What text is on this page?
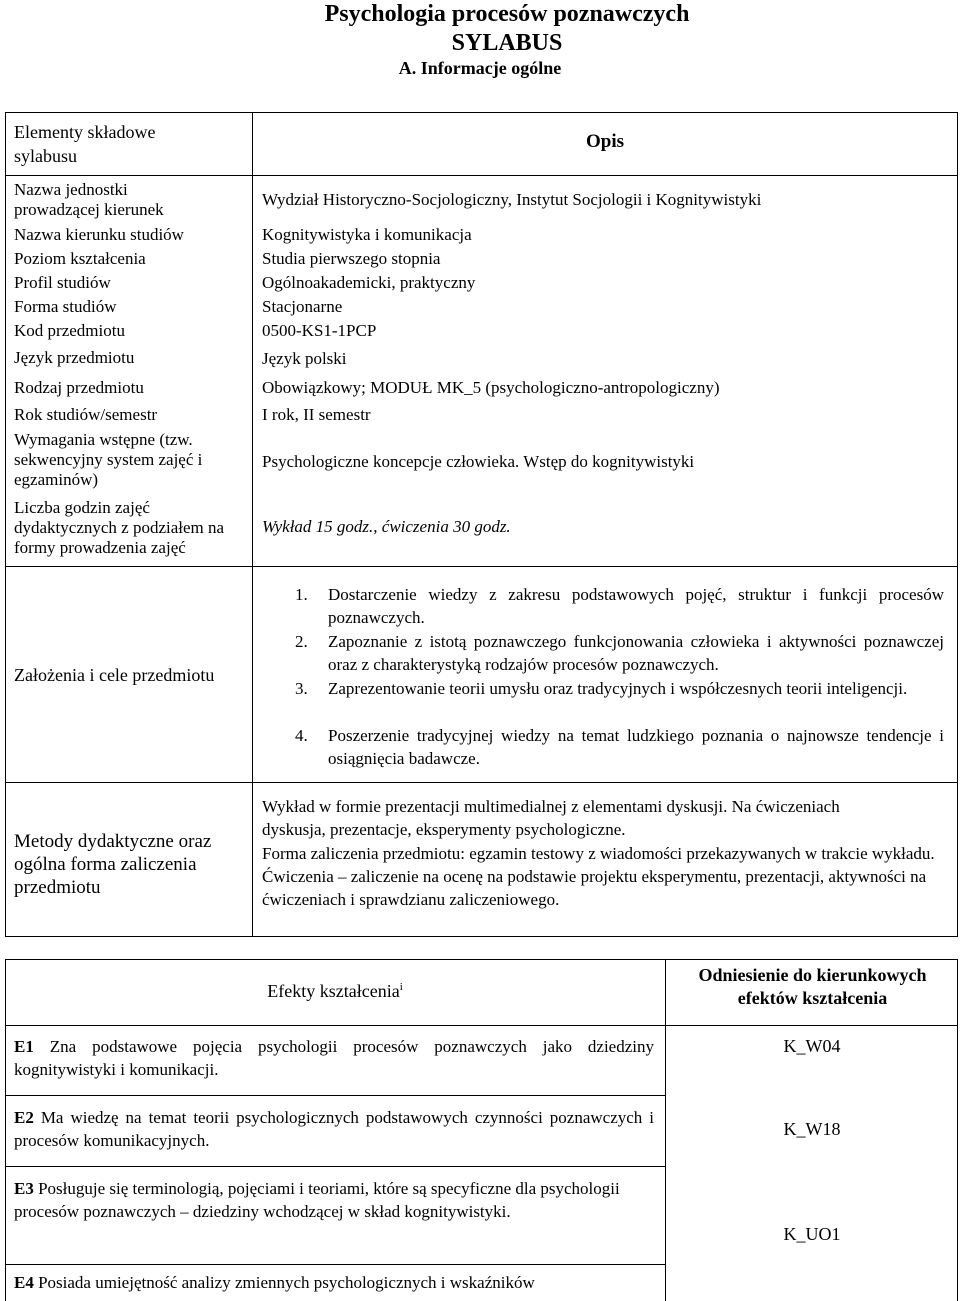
Psychologia procesów poznawczych
SYLABUS
A. Informacje ogólne
Elementy składowe sylabusu
Opis
Nazwa jednostki prowadzącej kierunek
Nazwa kierunku studiów
Poziom kształcenia
Profil studiów
Forma studiów
Kod przedmiotu
Język przedmiotu
Rodzaj przedmiotu
Rok studiów/semestr
Wymagania wstępne (tzw. sekwencyjny system zajęć i egzaminów)
Liczba godzin zajęć dydaktycznych z podziałem na formy prowadzenia zajęć
Wydział Historyczno-Socjologiczny, Instytut Socjologii i Kognitywistyki
Kognitywistyka i komunikacja
Studia pierwszego stopnia
Ogólnoakademicki, praktyczny
Stacjonarne
0500-KS1-1PCP
Język polski
Obowiązkowy; MODUŁ MK_5 (psychologiczno-antropologiczny)
I rok, II semestr
Psychologiczne koncepcje człowieka. Wstęp do kognitywistyki
Wykład 15 godz., ćwiczenia 30 godz.
Założenia i cele przedmiotu
1. Dostarczenie wiedzy z zakresu podstawowych pojęć, struktur i funkcji procesów poznawczych.
2. Zapoznanie z istotą poznawczego funkcjonowania człowieka i aktywności poznawczej oraz z charakterystyką rodzajów procesów poznawczych.
3. Zaprezentowanie teorii umysłu oraz tradycyjnych i współczesnych teorii inteligencji.
4. Poszerzenie tradycyjnej wiedzy na temat ludzkiego poznania o najnowsze tendencje i osiągnięcia badawcze.
Metody dydaktyczne oraz ogólna forma zaliczenia przedmiotu
Wykład w formie prezentacji multimedialnej z elementami dyskusji. Na ćwiczeniach dyskusja, prezentacje, eksperymenty psychologiczne.
Forma zaliczenia przedmiotu: egzamin testowy z wiadomości przekazywanych w trakcie wykładu. Ćwiczenia – zaliczenie na ocenę na podstawie projektu eksperymentu, prezentacji, aktywności na ćwiczeniach i sprawdzianu zaliczeniowego.
Efekty kształcenia$^i$
Odniesienie do kierunkowych efektów kształcenia
E1 Zna podstawowe pojęcia psychologii procesów poznawczych jako dziedziny kognitywistyki i komunikacji.
K_W04
E2 Ma wiedzę na temat teorii psychologicznych podstawowych czynności poznawczych i procesów komunikacyjnych.
K_W18
E3 Posługuje się terminologią, pojęciami i teoriami, które są specyficzne dla psychologii procesów poznawczych – dziedziny wchodzącej w skład kognitywistyki.
K_UO1
E4 Posiada umiejętność analizy zmiennych psychologicznych i wskaźników
